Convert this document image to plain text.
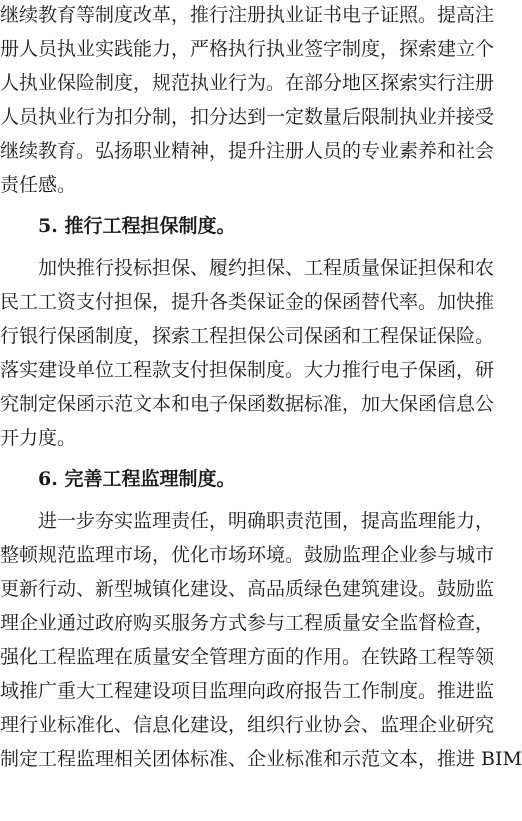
继续教育等制度改革，推行注册执业证书电子证照。提高注
册人员执业实践能力，严格执行执业签字制度，探索建立个
人执业保险制度，规范执业行为。在部分地区探索实行注册
人员执业行为扣分制，扣分达到一定数量后限制执业并接受
继续教育。弘扬职业精神，提升注册人员的专业素养和社会
责任感。
5. 推行工程担保制度。
加快推行投标担保、履约担保、工程质量保证担保和农
民工工资支付担保，提升各类保证金的保函替代率。加快推
行银行保函制度，探索工程担保公司保函和工程保证保险。
落实建设单位工程款支付担保制度。大力推行电子保函，研
究制定保函示范文本和电子保函数据标准，加大保函信息公
开力度。
6. 完善工程监理制度。
进一步夯实监理责任，明确职责范围，提高监理能力，
整顿规范监理市场，优化市场环境。鼓励监理企业参与城市
更新行动、新型城镇化建设、高品质绿色建筑建设。鼓励监
理企业通过政府购买服务方式参与工程质量安全监督检查，
强化工程监理在质量安全管理方面的作用。在铁路工程等领
域推广重大工程建设项目监理向政府报告工作制度。推进监
理行业标准化、信息化建设，组织行业协会、监理企业研究
制定工程监理相关团体标准、企业标准和示范文本，推进 BIM
